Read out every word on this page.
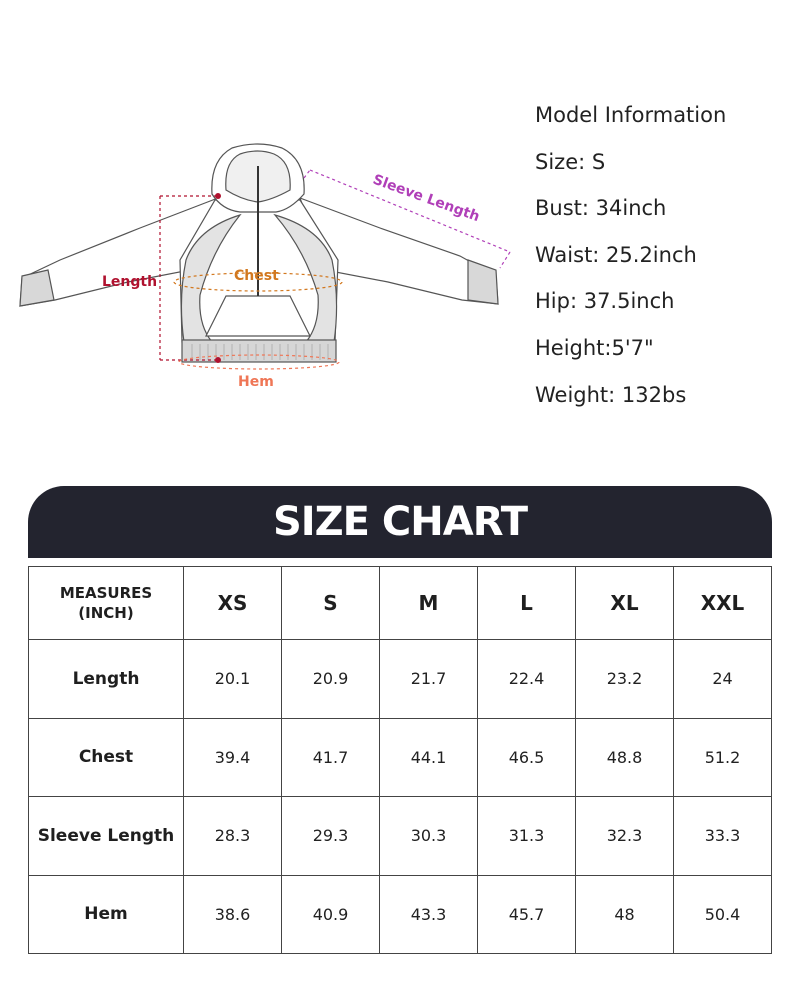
Length	Chest
Sleeve Length
Hem
Model Information
Size: S
Bust: 34inch
Waist: 25.2inch
Hip: 37.5inch
Height:5'7"
Weight: 132bs
SIZE CHART
MEASURES
(INCH)	XS	S	M	L	XL	XXL
Length	20.1	20.9	21.7	22.4	23.2	24
Chest	39.4	41.7	44.1	46.5	48.8	51.2
Sleeve Length	28.3	29.3	30.3	31.3	32.3	33.3
Hem	38.6	40.9	43.3	45.7	48	50.4
